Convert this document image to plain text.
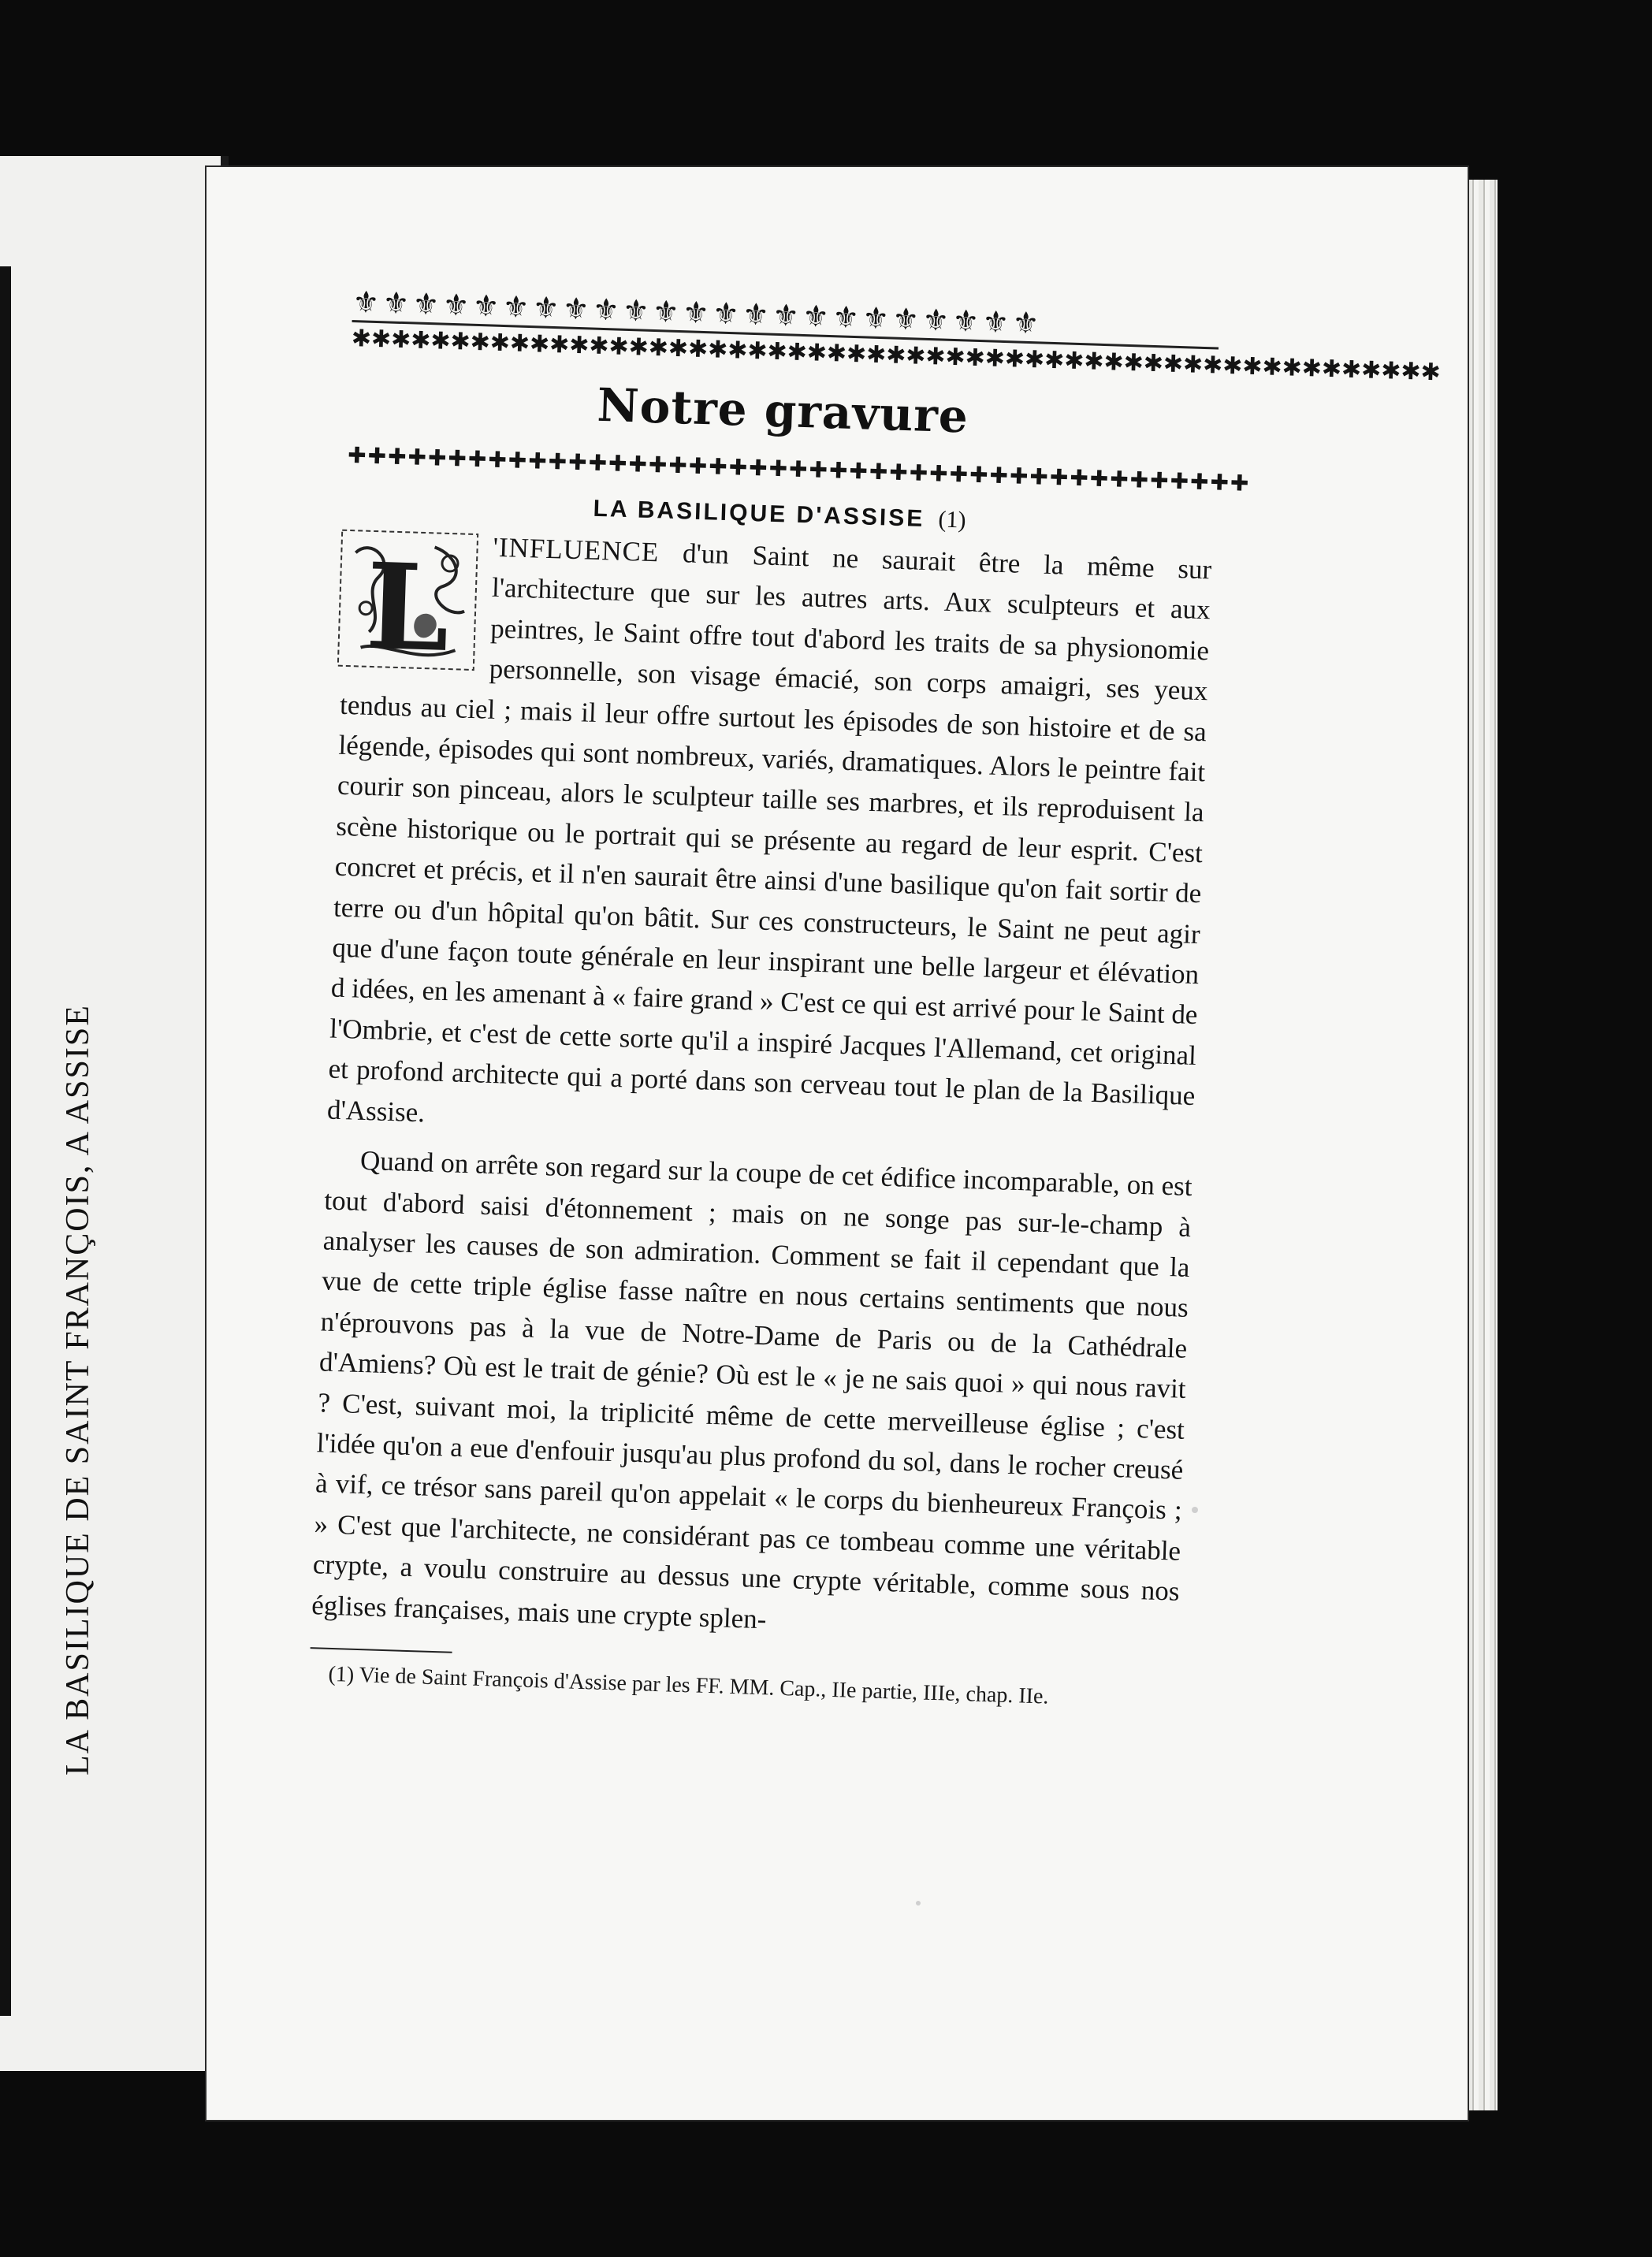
LA BASILIQUE DE SAINT FRANÇOIS, A ASSISE
⚜⚜⚜⚜⚜⚜⚜⚜⚜⚜⚜⚜⚜⚜⚜⚜⚜⚜⚜⚜⚜⚜⚜
✱✱✱✱✱✱✱✱✱✱✱✱✱✱✱✱✱✱✱✱✱✱✱✱✱✱✱✱✱✱✱✱✱✱✱✱✱✱✱✱✱✱✱✱✱✱✱✱✱✱✱✱✱✱✱
Notre gravure
✚✚✚✚✚✚✚✚✚✚✚✚✚✚✚✚✚✚✚✚✚✚✚✚✚✚✚✚✚✚✚✚✚✚✚✚✚✚✚✚✚✚✚✚✚
LA BASILIQUE D'ASSISE (1)

L 'INFLUENCE d'un Saint ne saurait être la même sur l'architecture que sur les autres arts. Aux sculpteurs et aux peintres, le Saint offre tout d'abord les traits de sa physionomie personnelle, son visage émacié, son corps amaigri, ses yeux tendus au ciel ; mais il leur offre surtout les épisodes de son histoire et de sa légende, épisodes qui sont nombreux, variés, dramatiques. Alors le peintre fait courir son pinceau, alors le sculpteur taille ses marbres, et ils reproduisent la scène historique ou le portrait qui se présente au regard de leur esprit. C'est concret et précis, et il n'en saurait être ainsi d'une basilique qu'on fait sortir de terre ou d'un hôpital qu'on bâtit. Sur ces constructeurs, le Saint ne peut agir que d'une façon toute générale en leur inspirant une belle largeur et élévation d idées, en les amenant à « faire grand » C'est ce qui est arrivé pour le Saint de l'Ombrie, et c'est de cette sorte qu'il a inspiré Jacques l'Allemand, cet original et profond architecte qui a porté dans son cerveau tout le plan de la Basilique d'Assise.

Quand on arrête son regard sur la coupe de cet édifice incomparable, on est tout d'abord saisi d'étonnement ; mais on ne songe pas sur-le-champ à analyser les causes de son admiration. Comment se fait il cependant que la vue de cette triple église fasse naître en nous certains sentiments que nous n'éprouvons pas à la vue de Notre-Dame de Paris ou de la Cathédrale d'Amiens? Où est le trait de génie? Où est le « je ne sais quoi » qui nous ravit ? C'est, suivant moi, la triplicité même de cette merveilleuse église ; c'est l'idée qu'on a eue d'enfouir jusqu'au plus profond du sol, dans le rocher creusé à vif, ce trésor sans pareil qu'on appelait « le corps du bienheureux François ; » C'est que l'architecte, ne considérant pas ce tombeau comme une véritable crypte, a voulu construire au dessus une crypte véritable, comme sous nos églises françaises, mais une crypte splen-

(1) Vie de Saint François d'Assise par les FF. MM. Cap., IIe partie, IIIe, chap. IIe.
